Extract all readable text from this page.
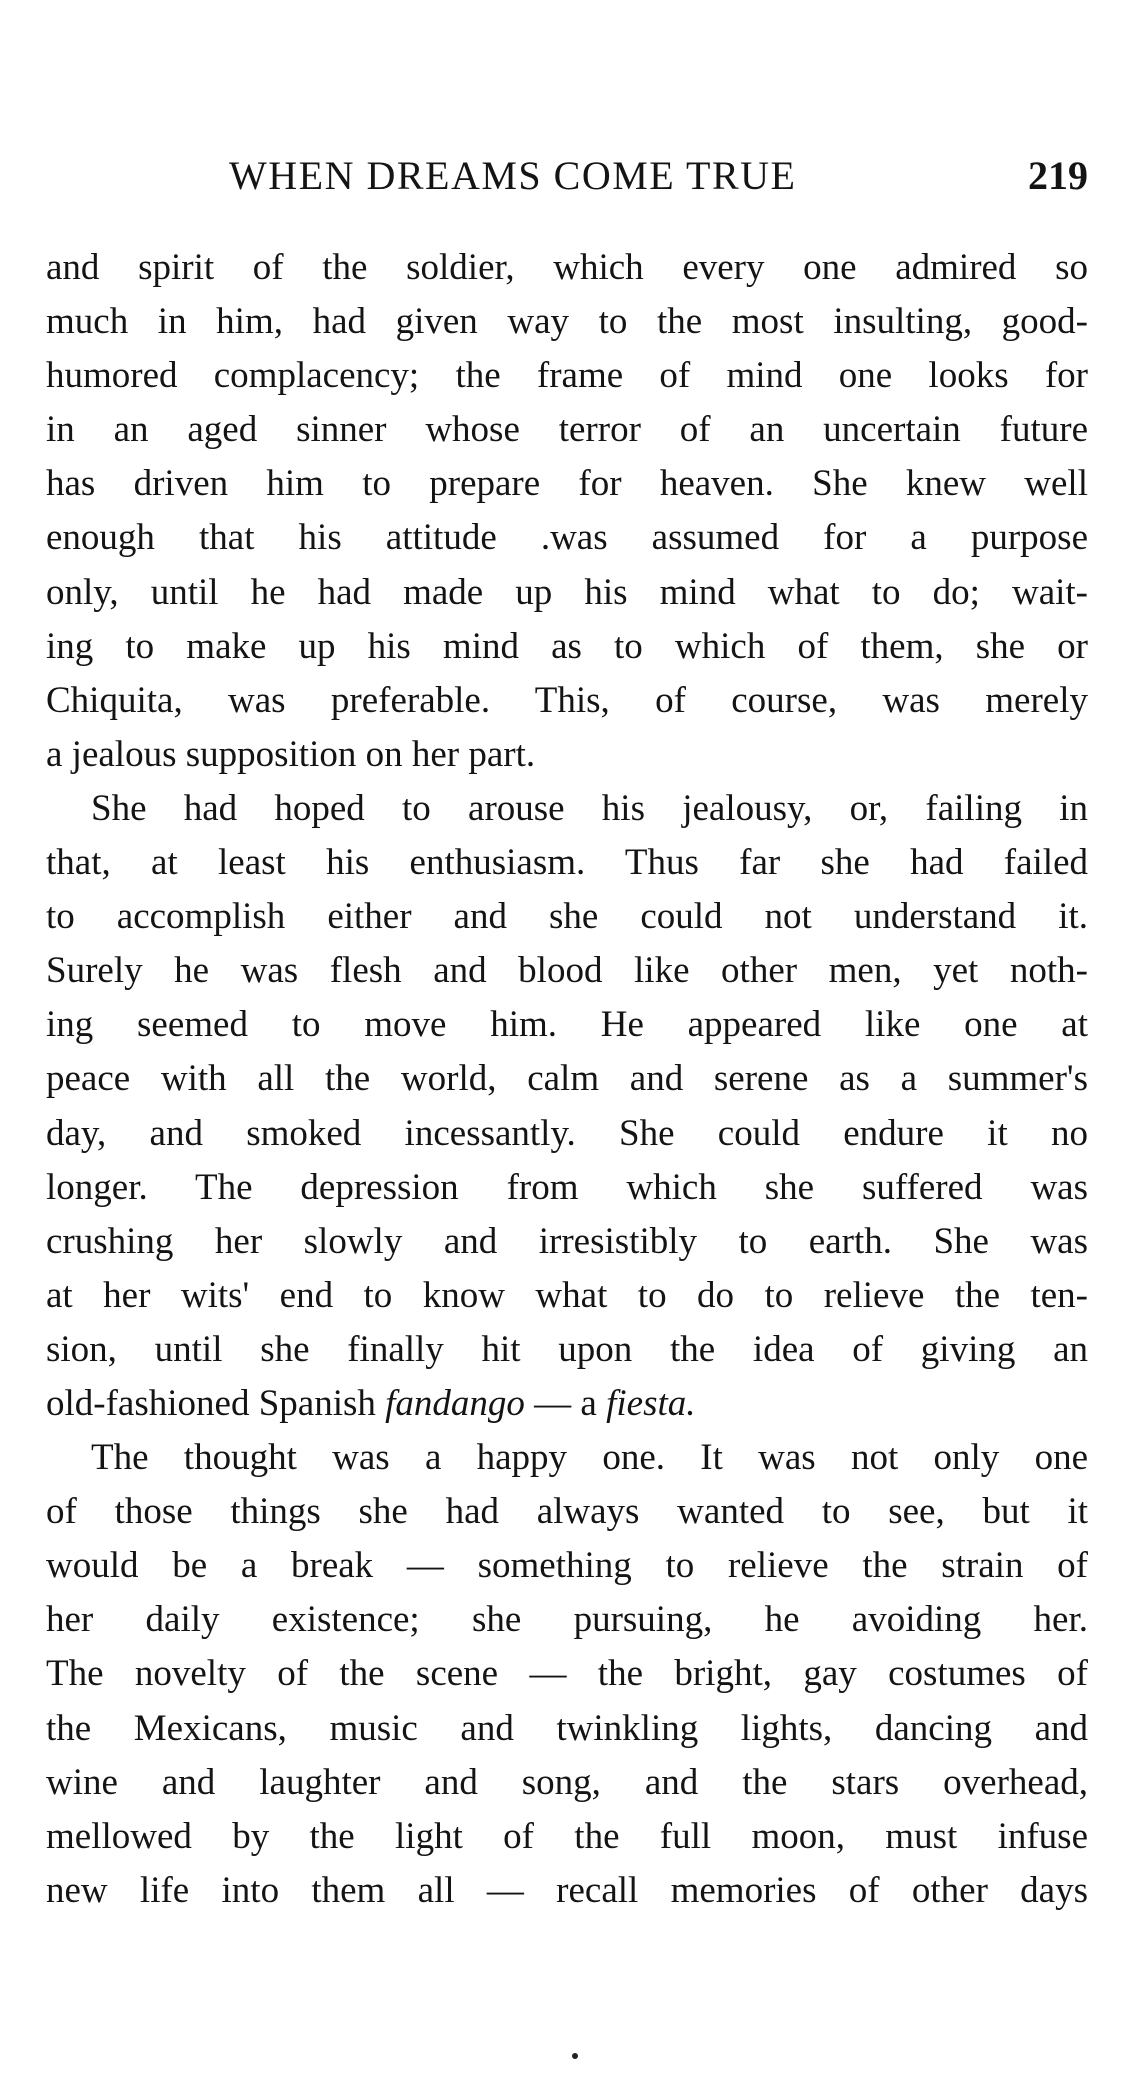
WHEN DREAMS COME TRUE	219
and spirit of the soldier, which every one admired so
much in him, had given way to the most insulting, good-
humored complacency; the frame of mind one looks for
in an aged sinner whose terror of an uncertain future
has driven him to prepare for heaven. She knew well
enough that his attitude .was assumed for a purpose
only, until he had made up his mind what to do; wait-
ing to make up his mind as to which of them, she or
Chiquita, was preferable. This, of course, was merely
a jealous supposition on her part.
She had hoped to arouse his jealousy, or, failing in
that, at least his enthusiasm. Thus far she had failed
to accomplish either and she could not understand it.
Surely he was flesh and blood like other men, yet noth-
ing seemed to move him. He appeared like one at
peace with all the world, calm and serene as a summer's
day, and smoked incessantly. She could endure it no
longer. The depression from which she suffered was
crushing her slowly and irresistibly to earth. She was
at her wits' end to know what to do to relieve the ten-
sion, until she finally hit upon the idea of giving an
old-fashioned Spanish fandango — a fiesta.
The thought was a happy one. It was not only one
of those things she had always wanted to see, but it
would be a break — something to relieve the strain of
her daily existence; she pursuing, he avoiding her.
The novelty of the scene — the bright, gay costumes of
the Mexicans, music and twinkling lights, dancing and
wine and laughter and song, and the stars overhead,
mellowed by the light of the full moon, must infuse
new life into them all — recall memories of other days
